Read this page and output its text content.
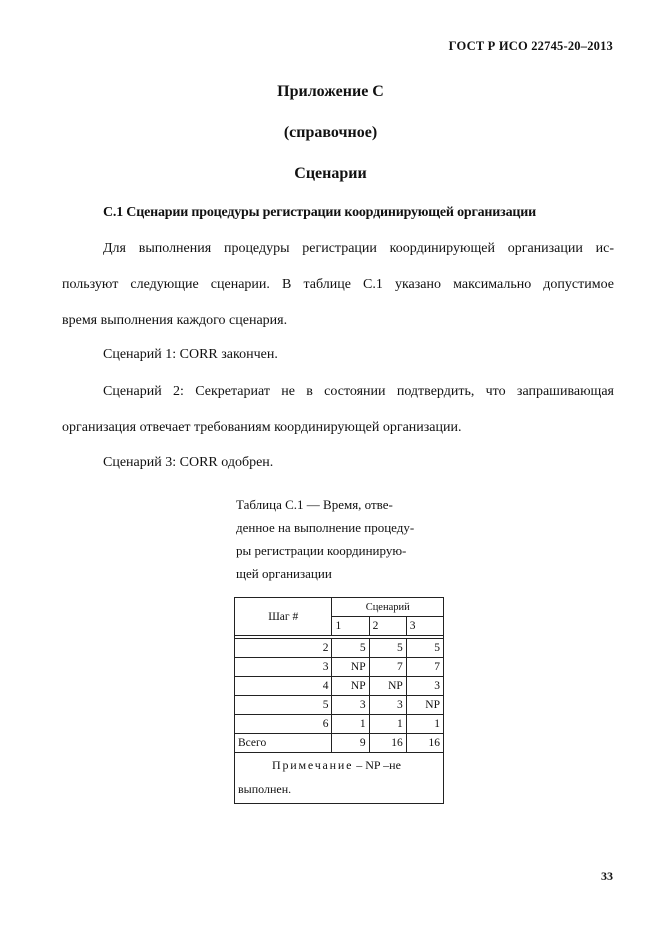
ГОСТ Р ИСО 22745-20–2013
Приложение C
(справочное)
Сценарии
C.1 Сценарии процедуры регистрации координирующей организации
Для выполнения процедуры регистрации координирующей организации ис-
пользуют следующие сценарии. В таблице C.1 указано максимально допустимое
время выполнения каждого сценария.
Сценарий 1: CORR закончен.
Сценарий 2: Секретариат не в состоянии подтвердить, что запрашивающая
организация отвечает требованиям координирующей организации.
Сценарий 3: CORR одобрен.
Таблица C.1 — Время, отве-
денное на выполнение процеду-
ры регистрации координирую-
щей организации
Шаг #	Сценарий		
	1	2	3

2	5	5	5
3	NP	7	7
4	NP	NP	3
5	3	3	NP
6	1	1	1
Всего	9	16	16

Примечание – NP –не
выполнен.			
33
